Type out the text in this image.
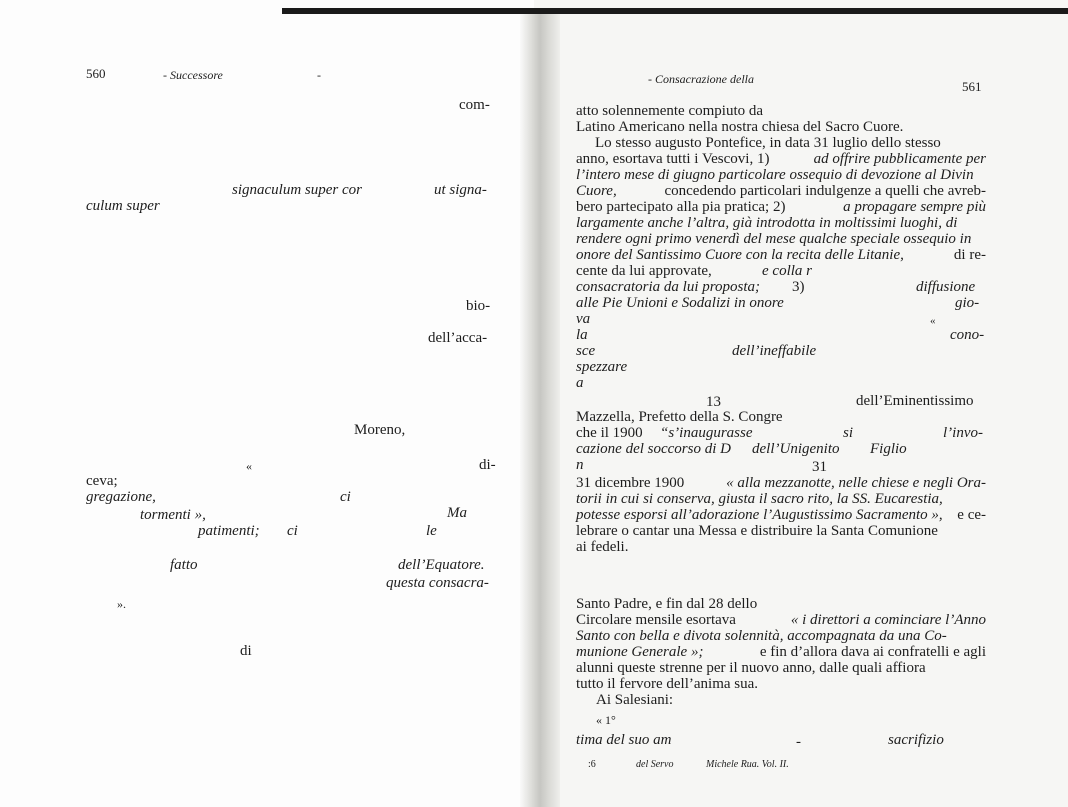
560	- Successore	-
com-
signaculum super cor	ut signa-
culum super
bio-
dell’acca-
Moreno,
«	di-
ceva;
gregazione,	ci
tormenti »,	Ma
patimenti; ci	le
fatto	dell’Equatore.
questa consacra-
».
di
- Consacrazione della	561
atto solennemente compiuto da
Latino Americano nella nostra chiesa del Sacro Cuore.
Lo stesso augusto Pontefice, in data 31 luglio dello stesso
anno, esortava tutti i Vescovi, 1)	ad offrire pubblicamente per
l’intero mese di giugno particolare ossequio di devozione al Divin
Cuore,	concedendo particolari indulgenze a quelli che avreb-
bero partecipato alla pia pratica; 2)	a propagare sempre più
largamente anche l’altra, già introdotta in moltissimi luoghi, di
rendere ogni primo venerdì del mese qualche speciale ossequio in
onore del Santissimo Cuore con la recita delle Litanie,	di re-
cente da lui approvate,	e colla r
consacratoria da lui proposta; 3)	diffusione
alle Pie Unioni e Sodalizi in onore	gio-
va	«
la	cono-
sce	dell’ineffabile
spezzare
a
13	dell’Eminentissimo
Mazzella, Prefetto della S. Congre
che il 1900 “s’inaugurasse	si	l’invo-
cazione del soccorso di D dell’Unigenito Figlio
n	31
31 dicembre 1900	« alla mezzanotte, nelle chiese e negli Ora-
torii in cui si conserva, giusta il sacro rito, la SS. Eucarestia,
potesse esporsi all’adorazione l’Augustissimo Sacramento », e ce-
lebrare o cantar una Messa e distribuire la Santa Comunione
ai fedeli.
Santo Padre, e fin dal 28 dello
Circolare mensile esortava	« i direttori a cominciare l’Anno
Santo con bella e divota solennità, accompagnata da una Co-
munione Generale »;	e fin d’allora dava ai confratelli e agli
alunni queste strenne per il nuovo anno, dalle quali affiora
tutto il fervore dell’anima sua.
Ai Salesiani:
« 1°
tima del suo am	-	sacrifizio
:6	del Servo	Michele Rua. Vol. II.
